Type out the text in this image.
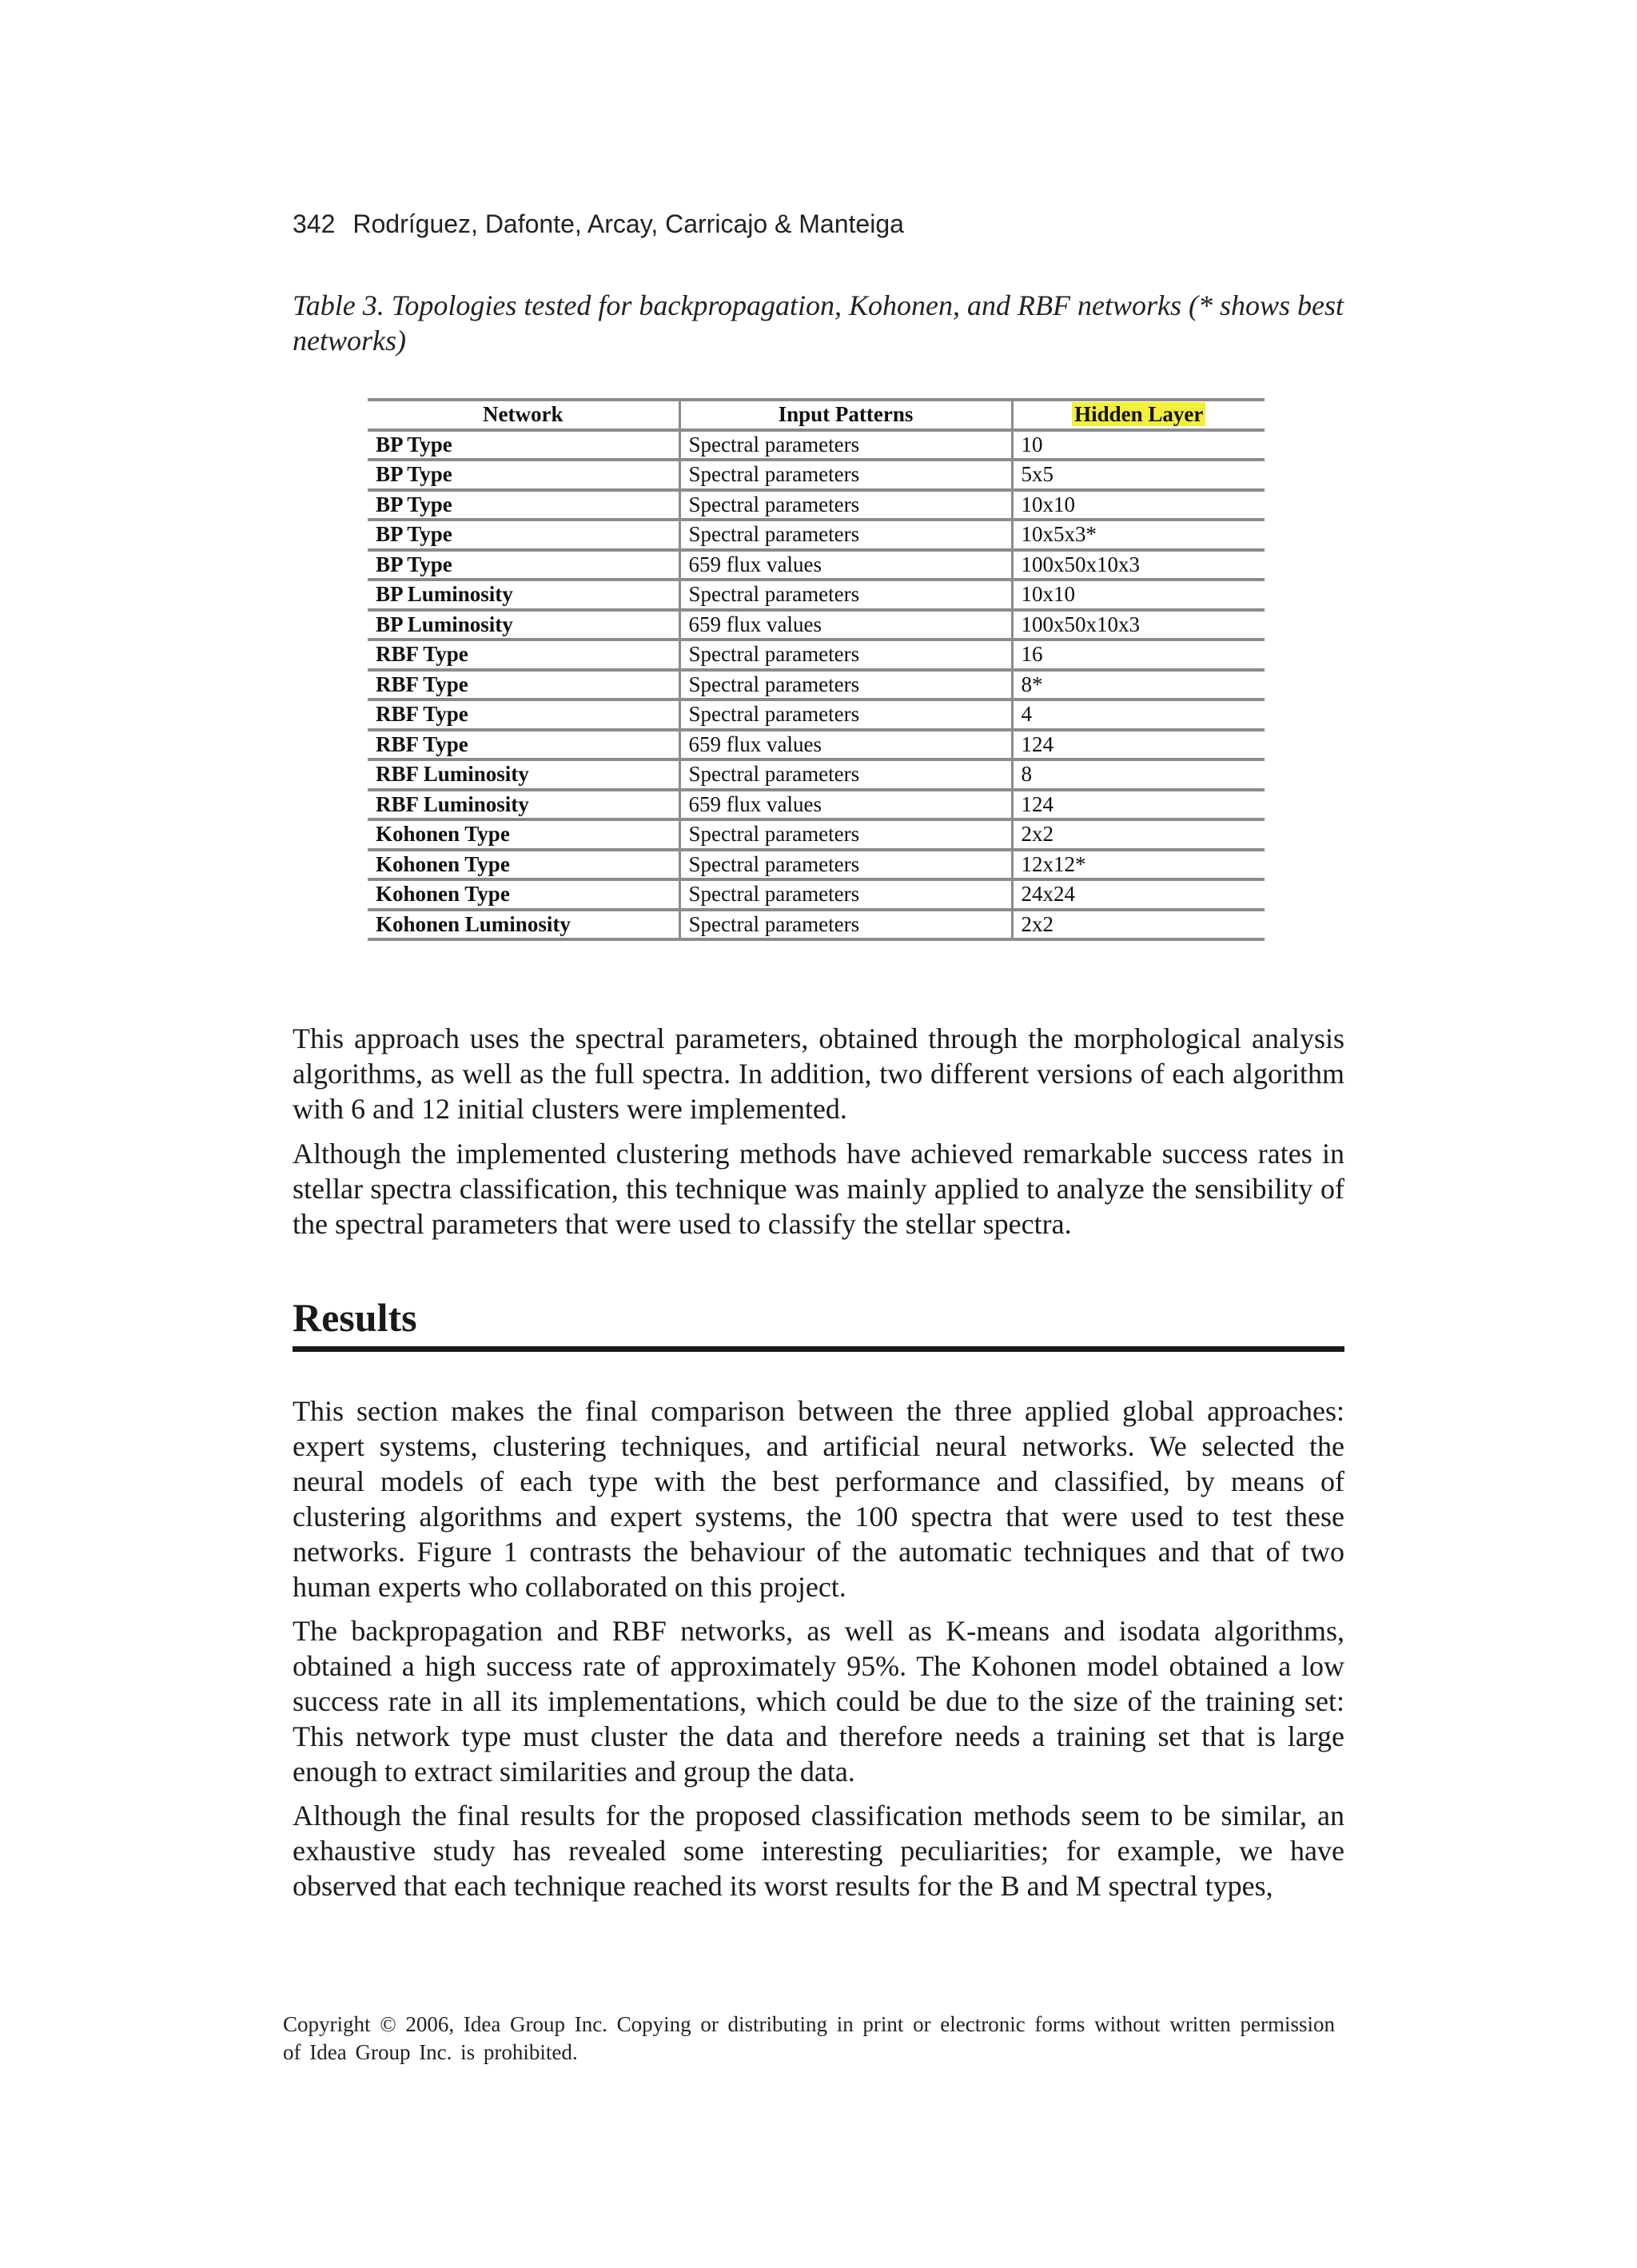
342 Rodríguez, Dafonte, Arcay, Carricajo & Manteiga
Table 3. Topologies tested for backpropagation, Kohonen, and RBF networks (* shows best networks)
Network	Input Patterns	Hidden Layer
BP Type	Spectral parameters	10
BP Type	Spectral parameters	5x5
BP Type	Spectral parameters	10x10
BP Type	Spectral parameters	10x5x3*
BP Type	659 flux values	100x50x10x3
BP Luminosity	Spectral parameters	10x10
BP Luminosity	659 flux values	100x50x10x3
RBF Type	Spectral parameters	16
RBF Type	Spectral parameters	8*
RBF Type	Spectral parameters	4
RBF Type	659 flux values	124
RBF Luminosity	Spectral parameters	8
RBF Luminosity	659 flux values	124
Kohonen Type	Spectral parameters	2x2
Kohonen Type	Spectral parameters	12x12*
Kohonen Type	Spectral parameters	24x24
Kohonen Luminosity	Spectral parameters	2x2

This approach uses the spectral parameters, obtained through the morphological analysis algorithms, as well as the full spectra. In addition, two different versions of each algorithm with 6 and 12 initial clusters were implemented.

Although the implemented clustering methods have achieved remarkable success rates in stellar spectra classification, this technique was mainly applied to analyze the sensibility of the spectral parameters that were used to classify the stellar spectra.

Results

This section makes the final comparison between the three applied global approaches: expert systems, clustering techniques, and artificial neural networks. We selected the neural models of each type with the best performance and classified, by means of clustering algorithms and expert systems, the 100 spectra that were used to test these networks. Figure 1 contrasts the behaviour of the automatic techniques and that of two human experts who collaborated on this project.

The backpropagation and RBF networks, as well as K-means and isodata algorithms, obtained a high success rate of approximately 95%. The Kohonen model obtained a low success rate in all its implementations, which could be due to the size of the training set: This network type must cluster the data and therefore needs a training set that is large enough to extract similarities and group the data.

Although the final results for the proposed classification methods seem to be similar, an exhaustive study has revealed some interesting peculiarities; for example, we have observed that each technique reached its worst results for the B and M spectral types,

Copyright © 2006, Idea Group Inc. Copying or distributing in print or electronic forms without written permission of Idea Group Inc. is prohibited.
